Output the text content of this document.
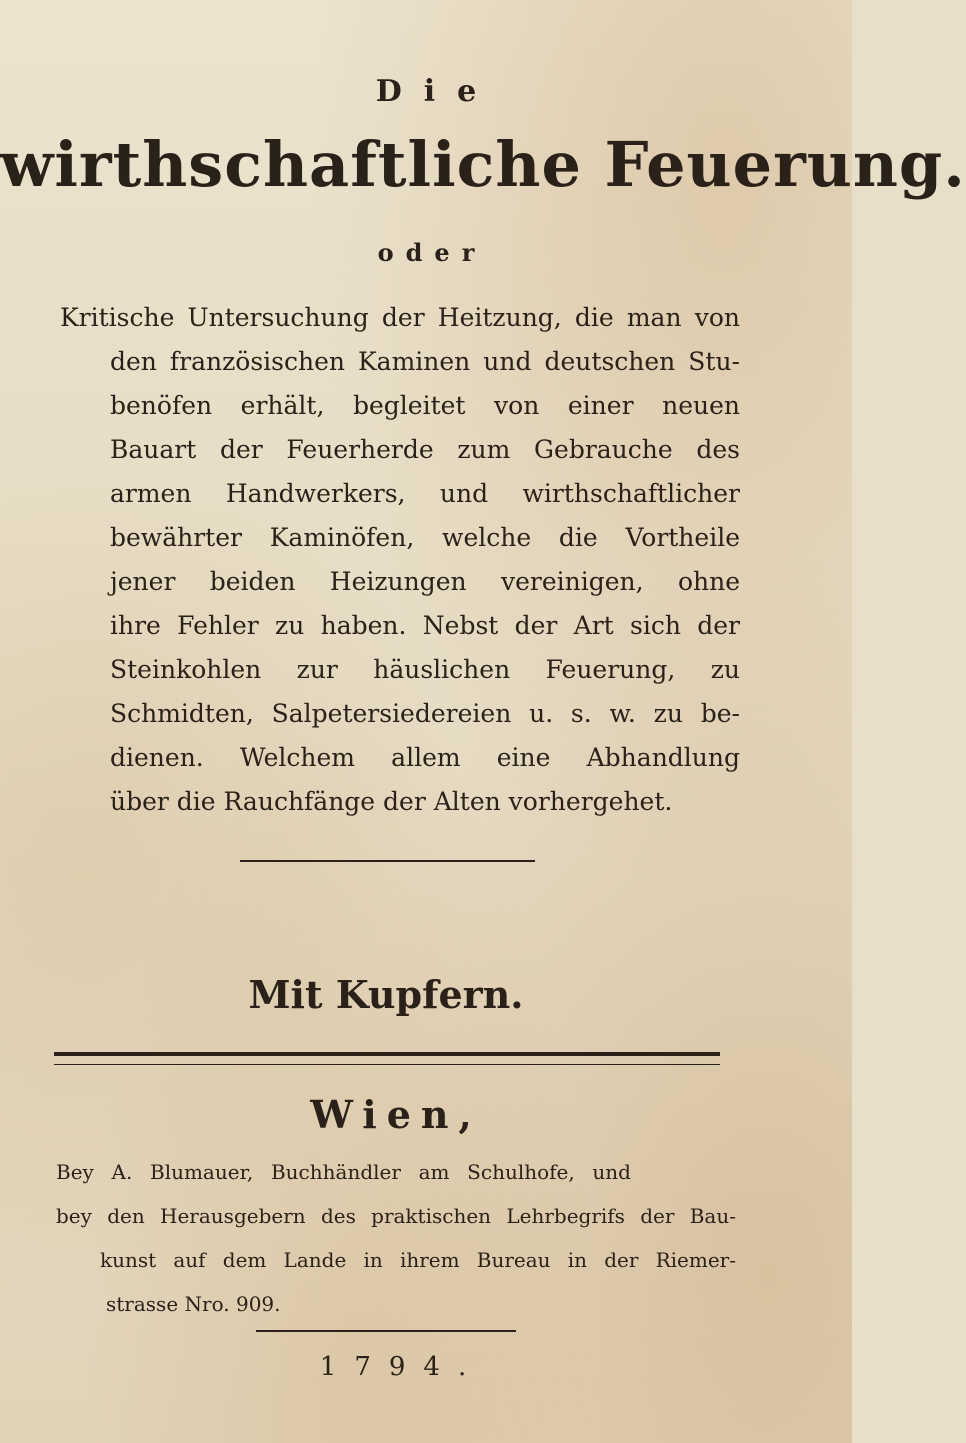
Die
wirthschaftliche Feuerung.
oder
Kritische Untersuchung der Heitzung, die man von
den französischen Kaminen und deutschen Stu-
benöfen erhält, begleitet von einer neuen
Bauart der Feuerherde zum Gebrauche des
armen Handwerkers, und wirthschaftlicher
bewährter Kaminöfen, welche die Vortheile
jener beiden Heizungen vereinigen, ohne
ihre Fehler zu haben. Nebst der Art sich der
Steinkohlen zur häuslichen Feuerung, zu
Schmidten, Salpetersiedereien u. s. w. zu be-
dienen. Welchem allem eine Abhandlung
über die Rauchfänge der Alten vorhergehet.
Mit Kupfern.
Wien,
Bey A. Blumauer, Buchhändler am Schulhofe, und
bey den Herausgebern des praktischen Lehrbegrifs der Bau-
kunst auf dem Lande in ihrem Bureau in der Riemer-
strasse Nro. 909.
1794.
